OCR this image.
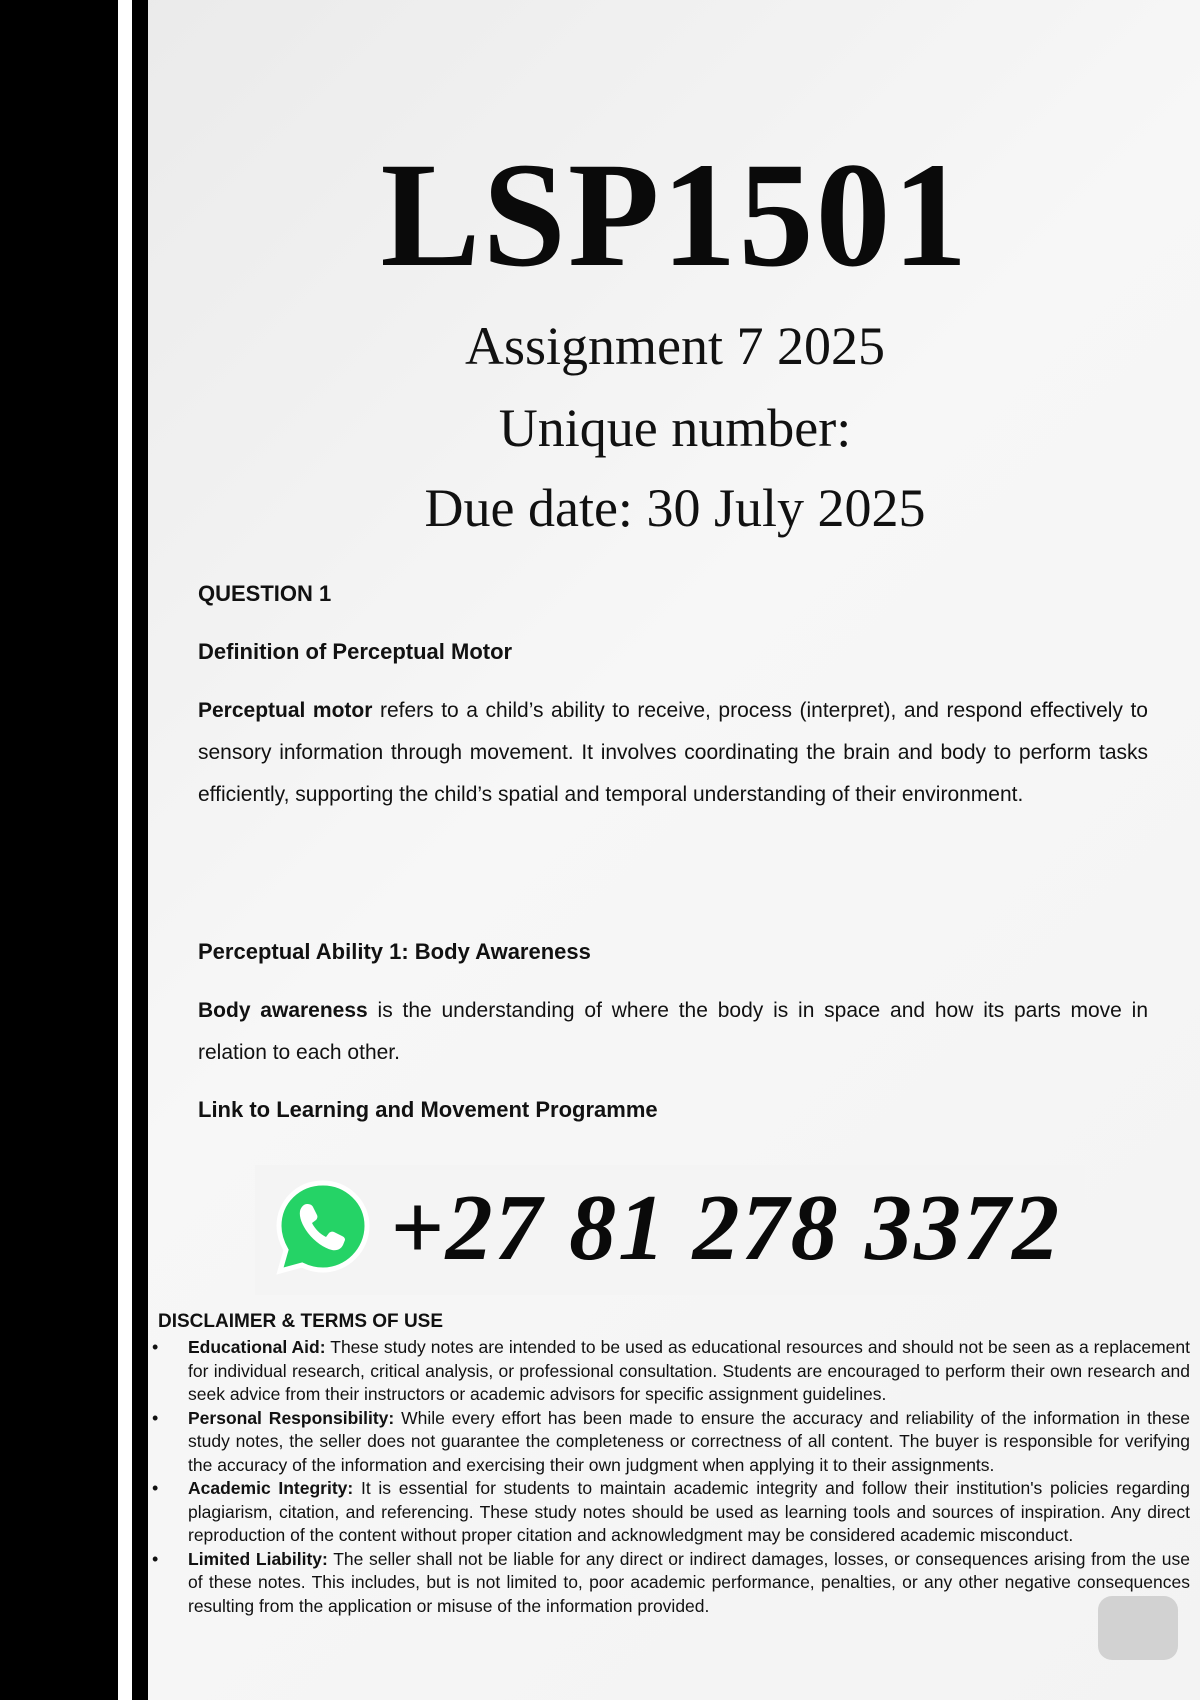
LSP1501
Assignment 7 2025
Unique number:
Due date: 30 July 2025
QUESTION 1
Definition of Perceptual Motor
Perceptual motor refers to a child’s ability to receive, process (interpret), and respond effectively to sensory information through movement. It involves coordinating the brain and body to perform tasks efficiently, supporting the child’s spatial and temporal understanding of their environment.
Perceptual Ability 1: Body Awareness
Body awareness is the understanding of where the body is in space and how its parts move in relation to each other.
Link to Learning and Movement Programme
+27 81 278 3372
DISCLAIMER & TERMS OF USE
• Educational Aid: These study notes are intended to be used as educational resources and should not be seen as a replacement for individual research, critical analysis, or professional consultation. Students are encouraged to perform their own research and seek advice from their instructors or academic advisors for specific assignment guidelines.
• Personal Responsibility: While every effort has been made to ensure the accuracy and reliability of the information in these study notes, the seller does not guarantee the completeness or correctness of all content. The buyer is responsible for verifying the accuracy of the information and exercising their own judgment when applying it to their assignments.
• Academic Integrity: It is essential for students to maintain academic integrity and follow their institution's policies regarding plagiarism, citation, and referencing. These study notes should be used as learning tools and sources of inspiration. Any direct reproduction of the content without proper citation and acknowledgment may be considered academic misconduct.
• Limited Liability: The seller shall not be liable for any direct or indirect damages, losses, or consequences arising from the use of these notes. This includes, but is not limited to, poor academic performance, penalties, or any other negative consequences resulting from the application or misuse of the information provided.
